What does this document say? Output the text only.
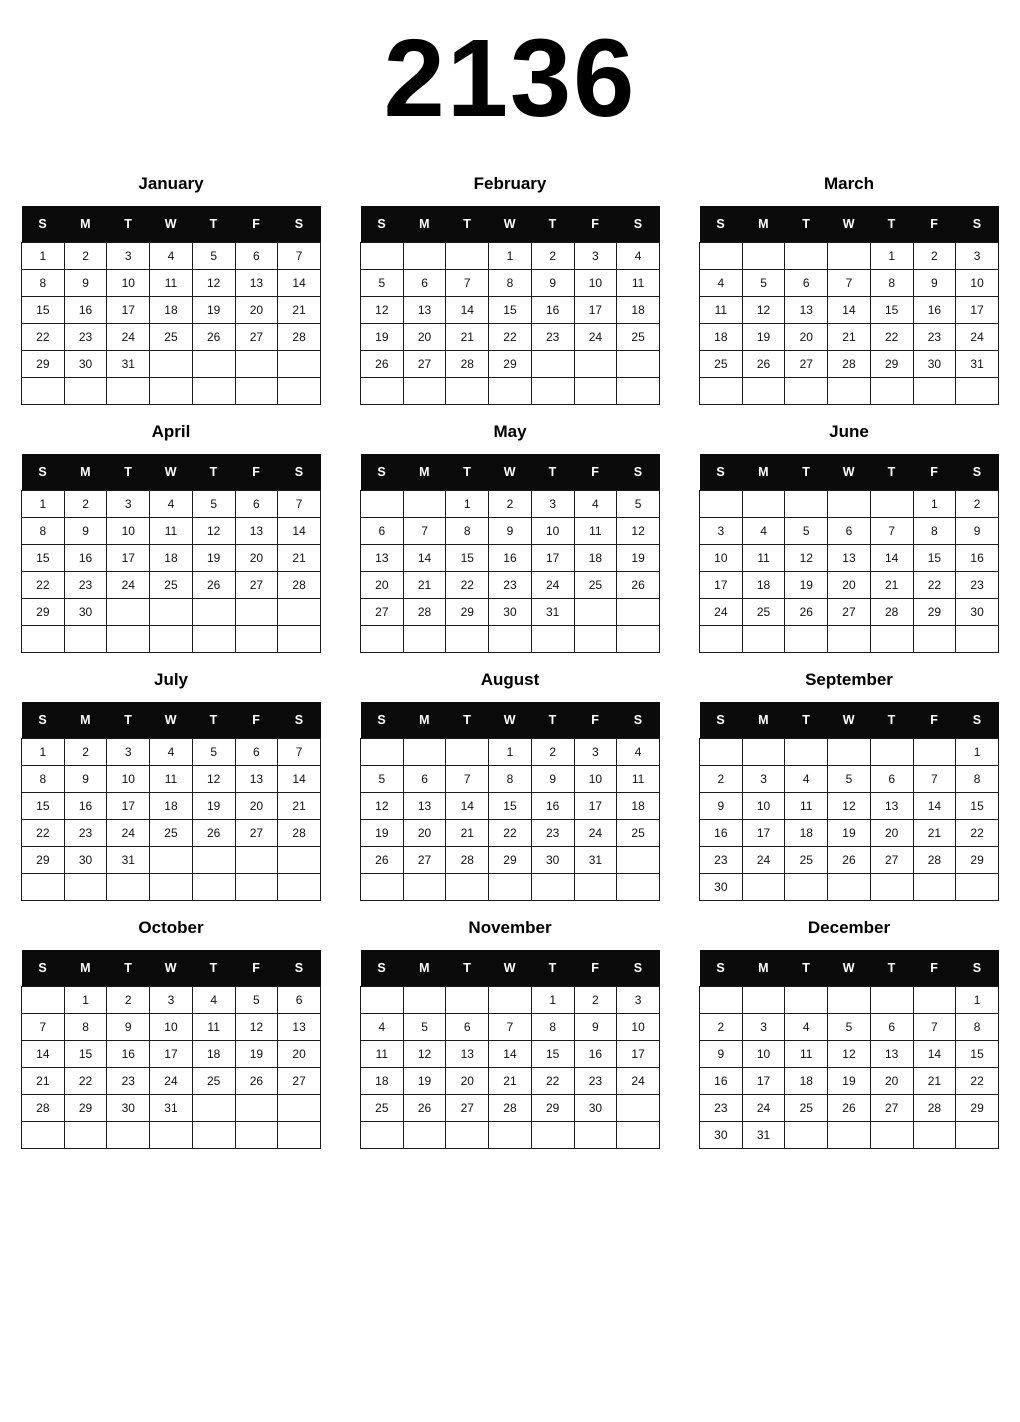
2136
January
S	M	T	W	T	F	S
1	2	3	4	5	6	7
8	9	10	11	12	13	14
15	16	17	18	19	20	21
22	23	24	25	26	27	28
29	30	31				

February
S	M	T	W	T	F	S
			1	2	3	4
5	6	7	8	9	10	11
12	13	14	15	16	17	18
19	20	21	22	23	24	25
26	27	28	29			

March
S	M	T	W	T	F	S
				1	2	3
4	5	6	7	8	9	10
11	12	13	14	15	16	17
18	19	20	21	22	23	24
25	26	27	28	29	30	31

April
S	M	T	W	T	F	S
1	2	3	4	5	6	7
8	9	10	11	12	13	14
15	16	17	18	19	20	21
22	23	24	25	26	27	28
29	30					

May
S	M	T	W	T	F	S
		1	2	3	4	5
6	7	8	9	10	11	12
13	14	15	16	17	18	19
20	21	22	23	24	25	26
27	28	29	30	31		

June
S	M	T	W	T	F	S
					1	2
3	4	5	6	7	8	9
10	11	12	13	14	15	16
17	18	19	20	21	22	23
24	25	26	27	28	29	30

July
S	M	T	W	T	F	S
1	2	3	4	5	6	7
8	9	10	11	12	13	14
15	16	17	18	19	20	21
22	23	24	25	26	27	28
29	30	31				

August
S	M	T	W	T	F	S
			1	2	3	4
5	6	7	8	9	10	11
12	13	14	15	16	17	18
19	20	21	22	23	24	25
26	27	28	29	30	31	

September
S	M	T	W	T	F	S
						1
2	3	4	5	6	7	8
9	10	11	12	13	14	15
16	17	18	19	20	21	22
23	24	25	26	27	28	29
30						
October
S	M	T	W	T	F	S
	1	2	3	4	5	6
7	8	9	10	11	12	13
14	15	16	17	18	19	20
21	22	23	24	25	26	27
28	29	30	31			

November
S	M	T	W	T	F	S
				1	2	3
4	5	6	7	8	9	10
11	12	13	14	15	16	17
18	19	20	21	22	23	24
25	26	27	28	29	30	

December
S	M	T	W	T	F	S
						1
2	3	4	5	6	7	8
9	10	11	12	13	14	15
16	17	18	19	20	21	22
23	24	25	26	27	28	29
30	31					
